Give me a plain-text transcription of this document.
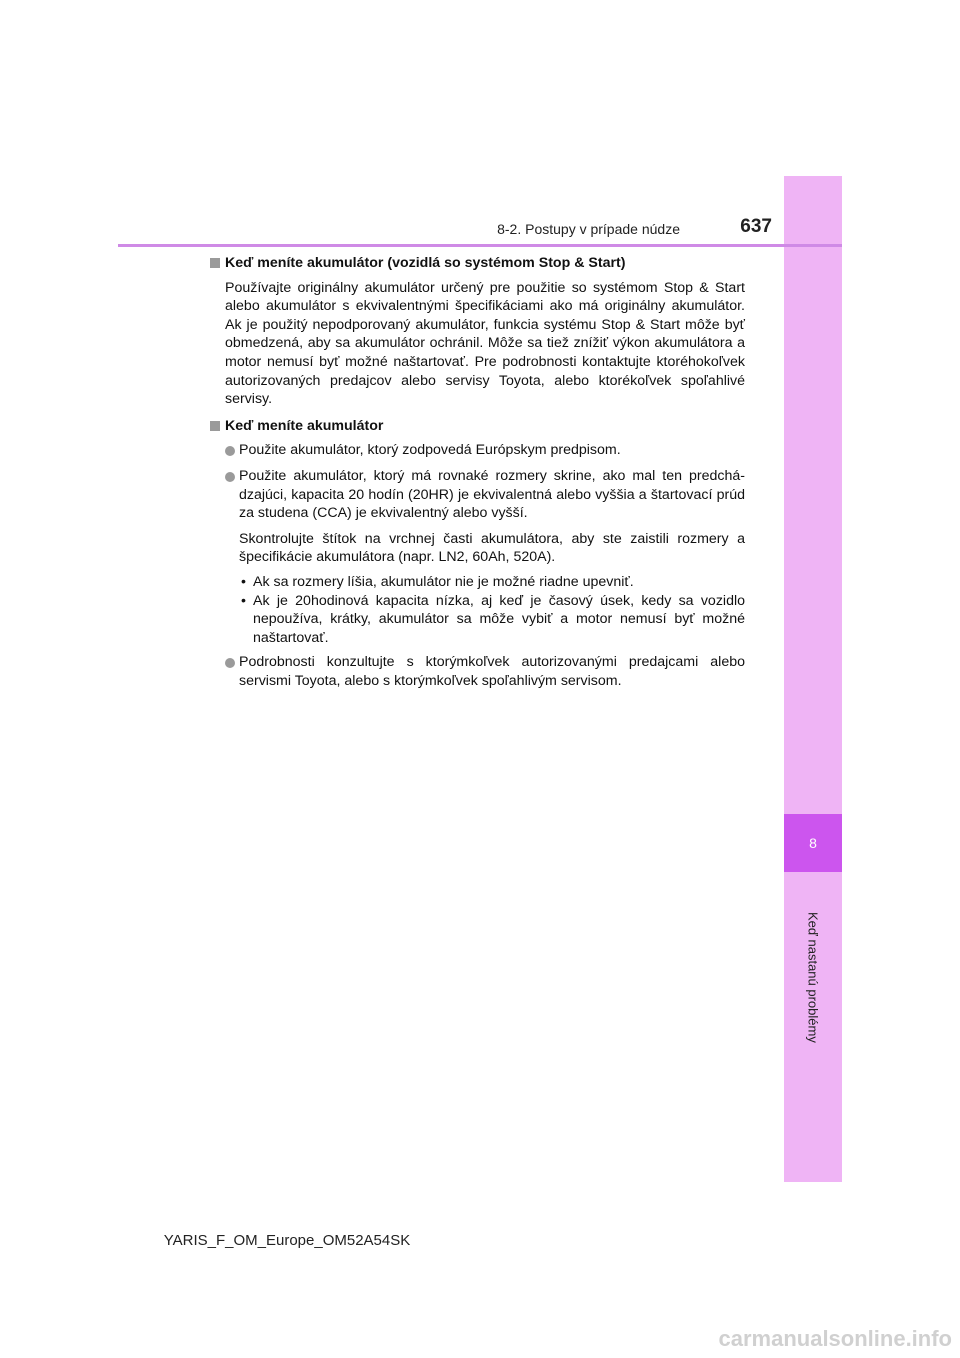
8
Keď nastanú problémy
8-2. Postupy v prípade núdze	637
Keď meníte akumulátor (vozidlá so systémom Stop & Start)
Používajte originálny akumulátor určený pre použitie so systémom Stop & Start alebo akumulátor s ekvivalentnými špecifikáciami ako má originálny akumulátor. Ak je použitý nepodporovaný akumulátor, funkcia systému Stop & Start môže byť obmedzená, aby sa akumulátor ochránil. Môže sa tiež znížiť výkon akumulátora a motor nemusí byť možné naštartovať. Pre podrobnosti kontaktujte ktoréhokoľvek autorizovaných predajcov alebo servisy Toyota, alebo ktorékoľvek spoľahlivé servisy.
Keď meníte akumulátor
Použite akumulátor, ktorý zodpovedá Európskym predpisom.
Použite akumulátor, ktorý má rovnaké rozmery skrine, ako mal ten predchá-dzajúci, kapacita 20 hodín (20HR) je ekvivalentná alebo vyššia a štartovací prúd za studena (CCA) je ekvivalentný alebo vyšší.
Skontrolujte štítok na vrchnej časti akumulátora, aby ste zaistili rozmery a špecifikácie akumulátora (napr. LN2, 60Ah, 520A).
• Ak sa rozmery líšia, akumulátor nie je možné riadne upevniť.
• Ak je 20hodinová kapacita nízka, aj keď je časový úsek, kedy sa vozidlo nepoužíva, krátky, akumulátor sa môže vybiť a motor nemusí byť možné naštartovať.
Podrobnosti konzultujte s ktorýmkoľvek autorizovanými predajcami alebo servismi Toyota, alebo s ktorýmkoľvek spoľahlivým servisom.
YARIS_F_OM_Europe_OM52A54SK
carmanualsonline.info
